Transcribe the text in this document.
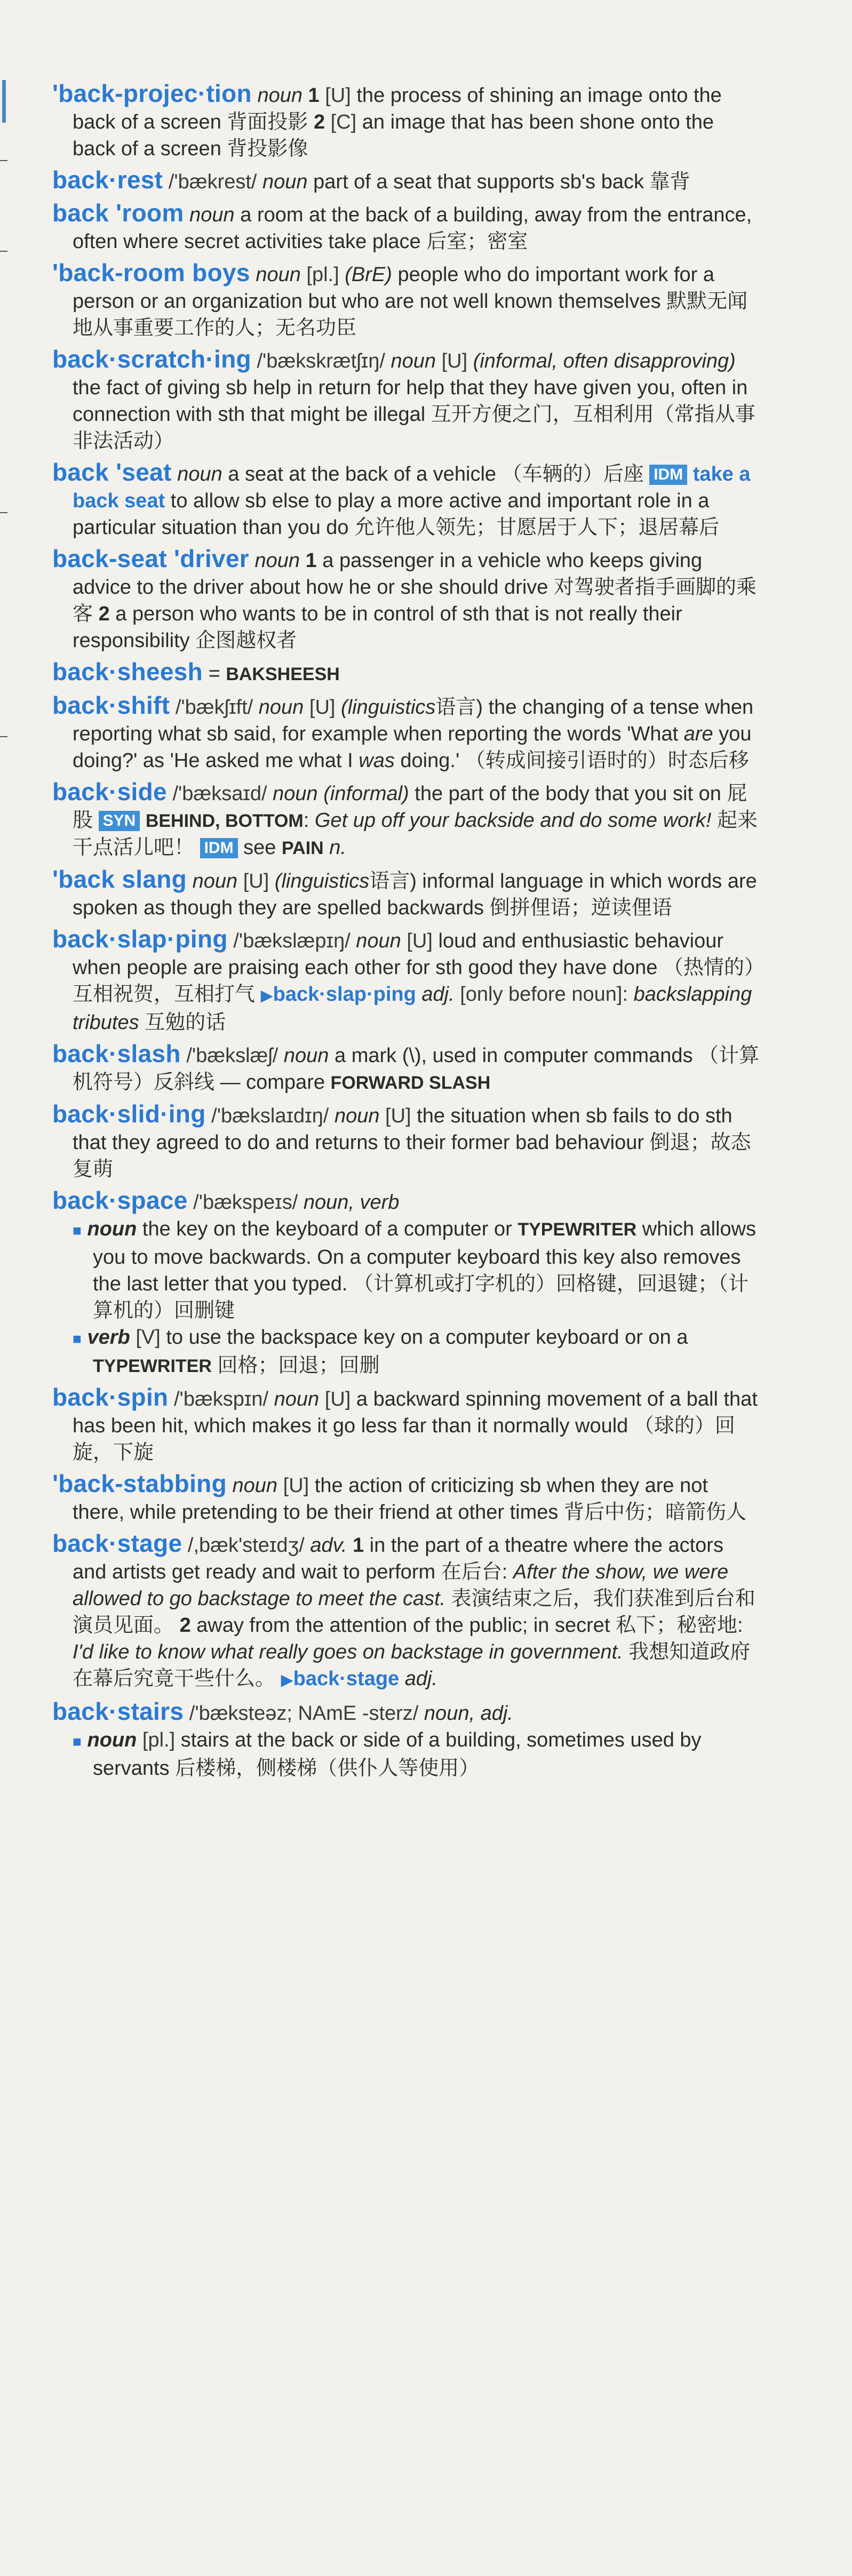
'back-projec·tion noun 1 [U] the process of shining an image onto the back of a screen 背面投影 2 [C] an image that has been shone onto the back of a screen 背投影像

back·rest /'bækrest/ noun part of a seat that supports sb's back 靠背

back 'room noun a room at the back of a building, away from the entrance, often where secret activities take place 后室；密室

'back-room boys noun [pl.] (BrE) people who do important work for a person or an organization but who are not well known themselves 默默无闻地从事重要工作的人；无名功臣

back·scratch·ing /'bækskrætʃɪŋ/ noun [U] (informal, often disapproving) the fact of giving sb help in return for help that they have given you, often in connection with sth that might be illegal 互开方便之门，互相利用（常指从事非法活动）

back 'seat noun a seat at the back of a vehicle （车辆的）后座 IDM take a back seat to allow sb else to play a more active and important role in a particular situation than you do 允许他人领先；甘愿居于人下；退居幕后

back-seat 'driver noun 1 a passenger in a vehicle who keeps giving advice to the driver about how he or she should drive 对驾驶者指手画脚的乘客 2 a person who wants to be in control of sth that is not really their responsibility 企图越权者

back·sheesh = BAKSHEESH

back·shift /'bækʃɪft/ noun [U] (linguistics语言) the changing of a tense when reporting what sb said, for example when reporting the words 'What are you doing?' as 'He asked me what I was doing.' （转成间接引语时的）时态后移

back·side /'bæksaɪd/ noun (informal) the part of the body that you sit on 屁股 SYN BEHIND, BOTTOM: Get up off your backside and do some work! 起来干点活儿吧！ IDM see PAIN n.

'back slang noun [U] (linguistics语言) informal language in which words are spoken as though they are spelled backwards 倒拼俚语；逆读俚语

back·slap·ping /'bækslæpɪŋ/ noun [U] loud and enthusiastic behaviour when people are praising each other for sth good they have done （热情的）互相祝贺，互相打气 ▶back·slap·ping adj. [only before noun]: backslapping tributes 互勉的话

back·slash /'bækslæʃ/ noun a mark (\), used in computer commands （计算机符号）反斜线 — compare FORWARD SLASH

back·slid·ing /'bækslaɪdɪŋ/ noun [U] the situation when sb fails to do sth that they agreed to do and returns to their former bad behaviour 倒退；故态复萌

back·space /'bækspeɪs/ noun, verb
■ noun the key on the keyboard of a computer or TYPEWRITER which allows you to move backwards. On a computer keyboard this key also removes the last letter that you typed. （计算机或打字机的）回格键，回退键；（计算机的）回删键
■ verb [V] to use the backspace key on a computer keyboard or on a TYPEWRITER 回格；回退；回删

back·spin /'bækspɪn/ noun [U] a backward spinning movement of a ball that has been hit, which makes it go less far than it normally would （球的）回旋，下旋

'back-stabbing noun [U] the action of criticizing sb when they are not there, while pretending to be their friend at other times 背后中伤；暗箭伤人

back·stage /,bæk'steɪdʒ/ adv. 1 in the part of a theatre where the actors and artists get ready and wait to perform 在后台: After the show, we were allowed to go backstage to meet the cast. 表演结束之后，我们获准到后台和演员见面。 2 away from the attention of the public; in secret 私下；秘密地: I'd like to know what really goes on backstage in government. 我想知道政府在幕后究竟干些什么。 ▶back·stage adj.

back·stairs /'bæksteəz; NAmE -sterz/ noun, adj.
■ noun [pl.] stairs at the back or side of a building, sometimes used by servants 后楼梯，侧楼梯（供仆人等使用）
